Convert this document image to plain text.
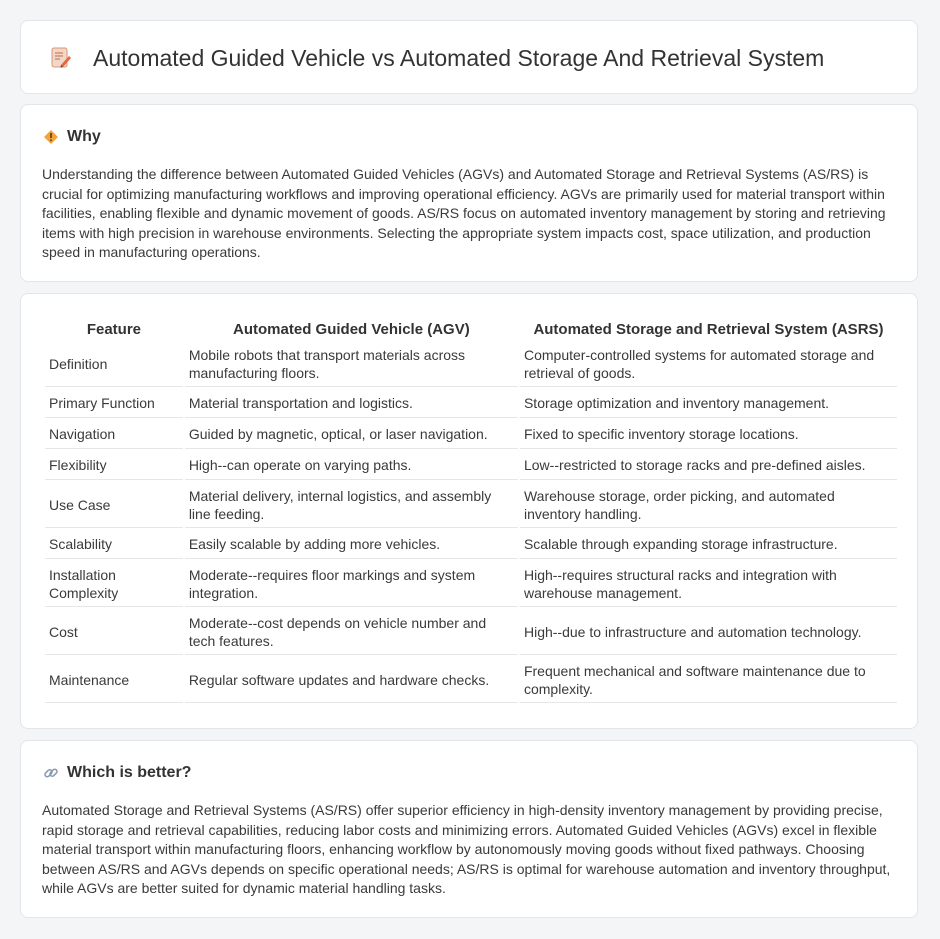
Automated Guided Vehicle vs Automated Storage And Retrieval System
Why

Understanding the difference between Automated Guided Vehicles (AGVs) and Automated Storage and Retrieval Systems (AS/RS) is crucial for optimizing manufacturing workflows and improving operational efficiency. AGVs are primarily used for material transport within facilities, enabling flexible and dynamic movement of goods. AS/RS focus on automated inventory management by storing and retrieving items with high precision in warehouse environments. Selecting the appropriate system impacts cost, space utilization, and production speed in manufacturing operations.

Feature	Automated Guided Vehicle (AGV)	Automated Storage and Retrieval System (ASRS)
Definition	Mobile robots that transport materials across manufacturing floors.	Computer-controlled systems for automated storage and retrieval of goods.
Primary Function	Material transportation and logistics.	Storage optimization and inventory management.
Navigation	Guided by magnetic, optical, or laser navigation.	Fixed to specific inventory storage locations.
Flexibility	High--can operate on varying paths.	Low--restricted to storage racks and pre-defined aisles.
Use Case	Material delivery, internal logistics, and assembly line feeding.	Warehouse storage, order picking, and automated inventory handling.
Scalability	Easily scalable by adding more vehicles.	Scalable through expanding storage infrastructure.
Installation Complexity	Moderate--requires floor markings and system integration.	High--requires structural racks and integration with warehouse management.
Cost	Moderate--cost depends on vehicle number and tech features.	High--due to infrastructure and automation technology.
Maintenance	Regular software updates and hardware checks.	Frequent mechanical and software maintenance due to complexity.
Which is better?

Automated Storage and Retrieval Systems (AS/RS) offer superior efficiency in high-density inventory management by providing precise, rapid storage and retrieval capabilities, reducing labor costs and minimizing errors. Automated Guided Vehicles (AGVs) excel in flexible material transport within manufacturing floors, enhancing workflow by autonomously moving goods without fixed pathways. Choosing between AS/RS and AGVs depends on specific operational needs; AS/RS is optimal for warehouse automation and inventory throughput, while AGVs are better suited for dynamic material handling tasks.
